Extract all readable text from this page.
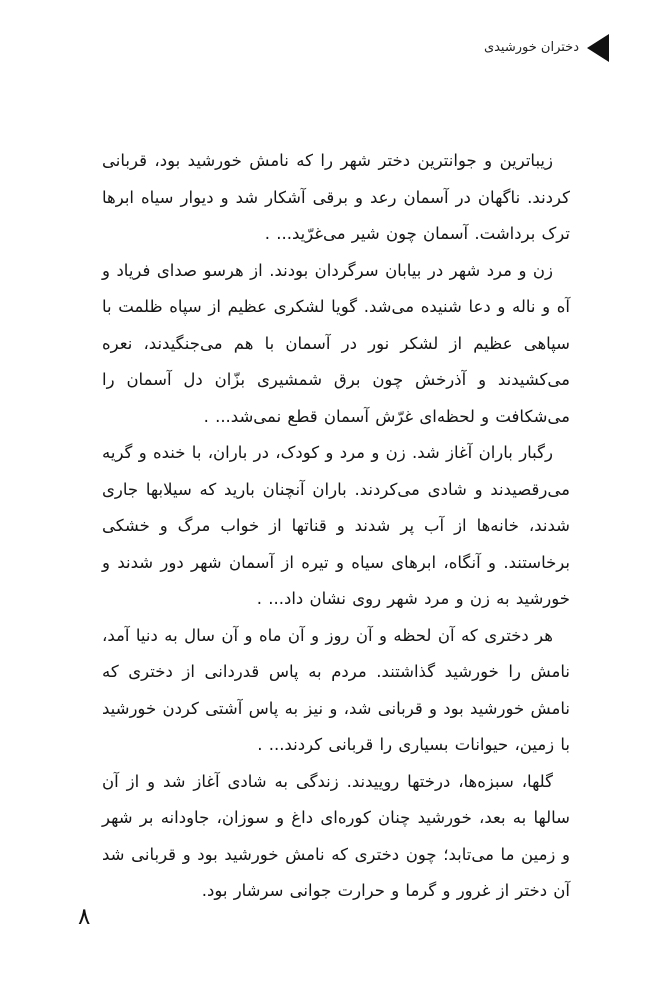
دختران خورشیدی

زیباترین و جوانترین دختر شهر را که نامش خورشید بود، قربانی کردند. ناگهان در آسمان رعد و برقی آشکار شد و دیوار سیاه ابرها ترک برداشت. آسمان چون شیر می‌غرّید... .

زن و مرد شهر در بیابان سرگردان بودند. از هرسو صدای فریاد و آه و ناله و دعا شنیده می‌شد. گویا لشکری عظیم از سپاه ظلمت با سپاهی عظیم از لشکر نور در آسمان با هم می‌جنگیدند، نعره می‌کشیدند و آذرخش چون برق شمشیری بزّان دل آسمان را می‌شکافت و لحظه‌ای غرّش آسمان قطع نمی‌شد... .

رگبار باران آغاز شد. زن و مرد و کودک، در باران، با خنده و گریه می‌رقصیدند و شادی می‌کردند. باران آنچنان بارید که سیلابها جاری شدند، خانه‌ها از آب پر شدند و قناتها از خواب مرگ و خشکی برخاستند. و آنگاه، ابرهای سیاه و تیره از آسمان شهر دور شدند و خورشید به زن و مرد شهر روی نشان داد... .

هر دختری که آن لحظه و آن روز و آن ماه و آن سال به دنیا آمد، نامش را خورشید گذاشتند. مردم به پاس قدردانی از دختری که نامش خورشید بود و قربانی شد، و نیز به پاس آشتی کردن خورشید با زمین، حیوانات بسیاری را قربانی کردند... .

گلها، سبزه‌ها، درختها روییدند. زندگی به شادی آغاز شد و از آن سالها به بعد، خورشید چنان کوره‌ای داغ و سوزان، جاودانه بر شهر و زمین ما می‌تابد؛ چون دختری که نامش خورشید بود و قربانی شد آن دختر از غرور و گرما و حرارت جوانی سرشار بود.

۸
